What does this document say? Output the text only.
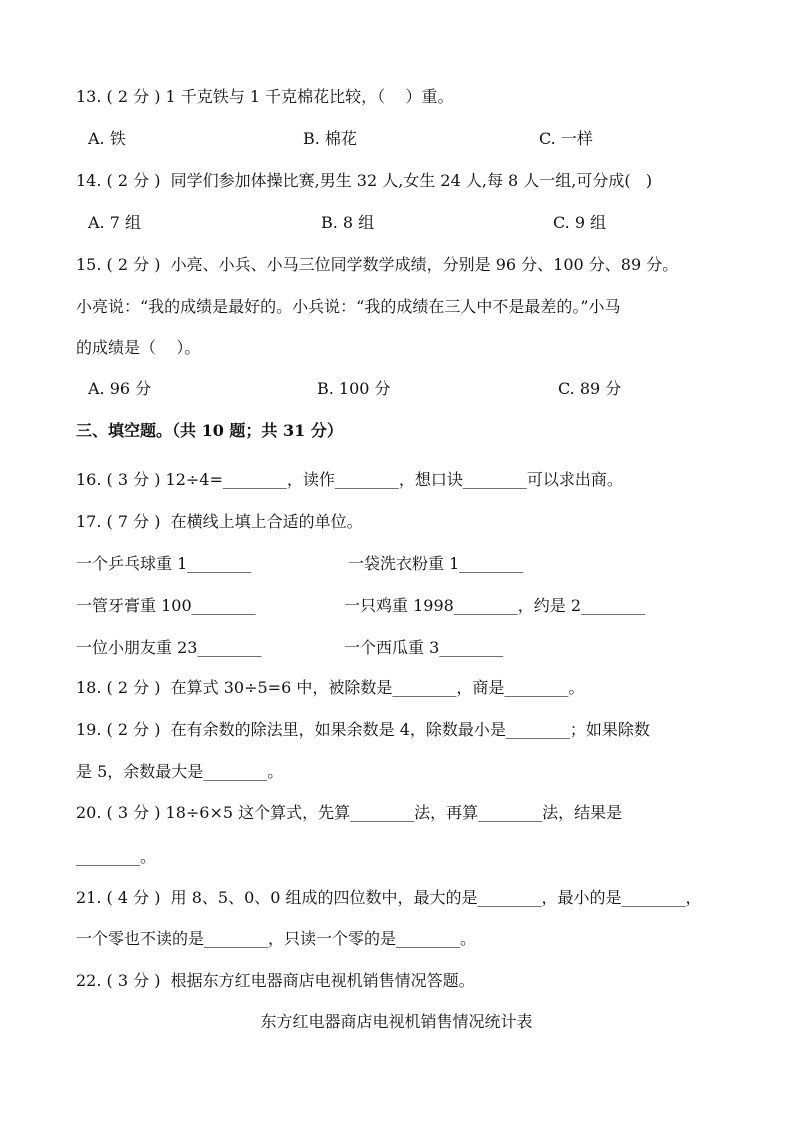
13. ( 2 分 ) 1 千克铁与 1 千克棉花比较，（    ）重。
A. 铁	B. 棉花	C. 一样
14. ( 2 分 )  同学们参加体操比赛,男生 32 人,女生 24 人,每 8 人一组,可分成(   )
A. 7 组	B. 8 组	C. 9 组
15. ( 2 分 )  小亮、小兵、小马三位同学数学成绩，分别是 96 分、100 分、89 分。
小亮说：“我的成绩是最好的。小兵说：“我的成绩在三人中不是最差的。”小马
的成绩是（    ）。
A. 96 分	B. 100 分	C. 89 分
三、填空题。（共 10 题；共 31 分）
16. ( 3 分 ) 12÷4=________，读作________，想口诀________可以求出商。
17. ( 7 分 )  在横线上填上合适的单位。
一个乒乓球重 1________	一袋洗衣粉重 1________
一管牙膏重 100________	一只鸡重 1998________，约是 2________
一位小朋友重 23________	一个西瓜重 3________
18. ( 2 分 )  在算式 30÷5=6 中，被除数是________，商是________。
19. ( 2 分 )  在有余数的除法里，如果余数是 4，除数最小是________；如果除数
是 5，余数最大是________。
20. ( 3 分 ) 18÷6×5 这个算式，先算________法，再算________法，结果是
________。
21. ( 4 分 )  用 8、5、0、0 组成的四位数中，最大的是________，最小的是________，
一个零也不读的是________，只读一个零的是________。
22. ( 3 分 )  根据东方红电器商店电视机销售情况答题。
东方红电器商店电视机销售情况统计表
